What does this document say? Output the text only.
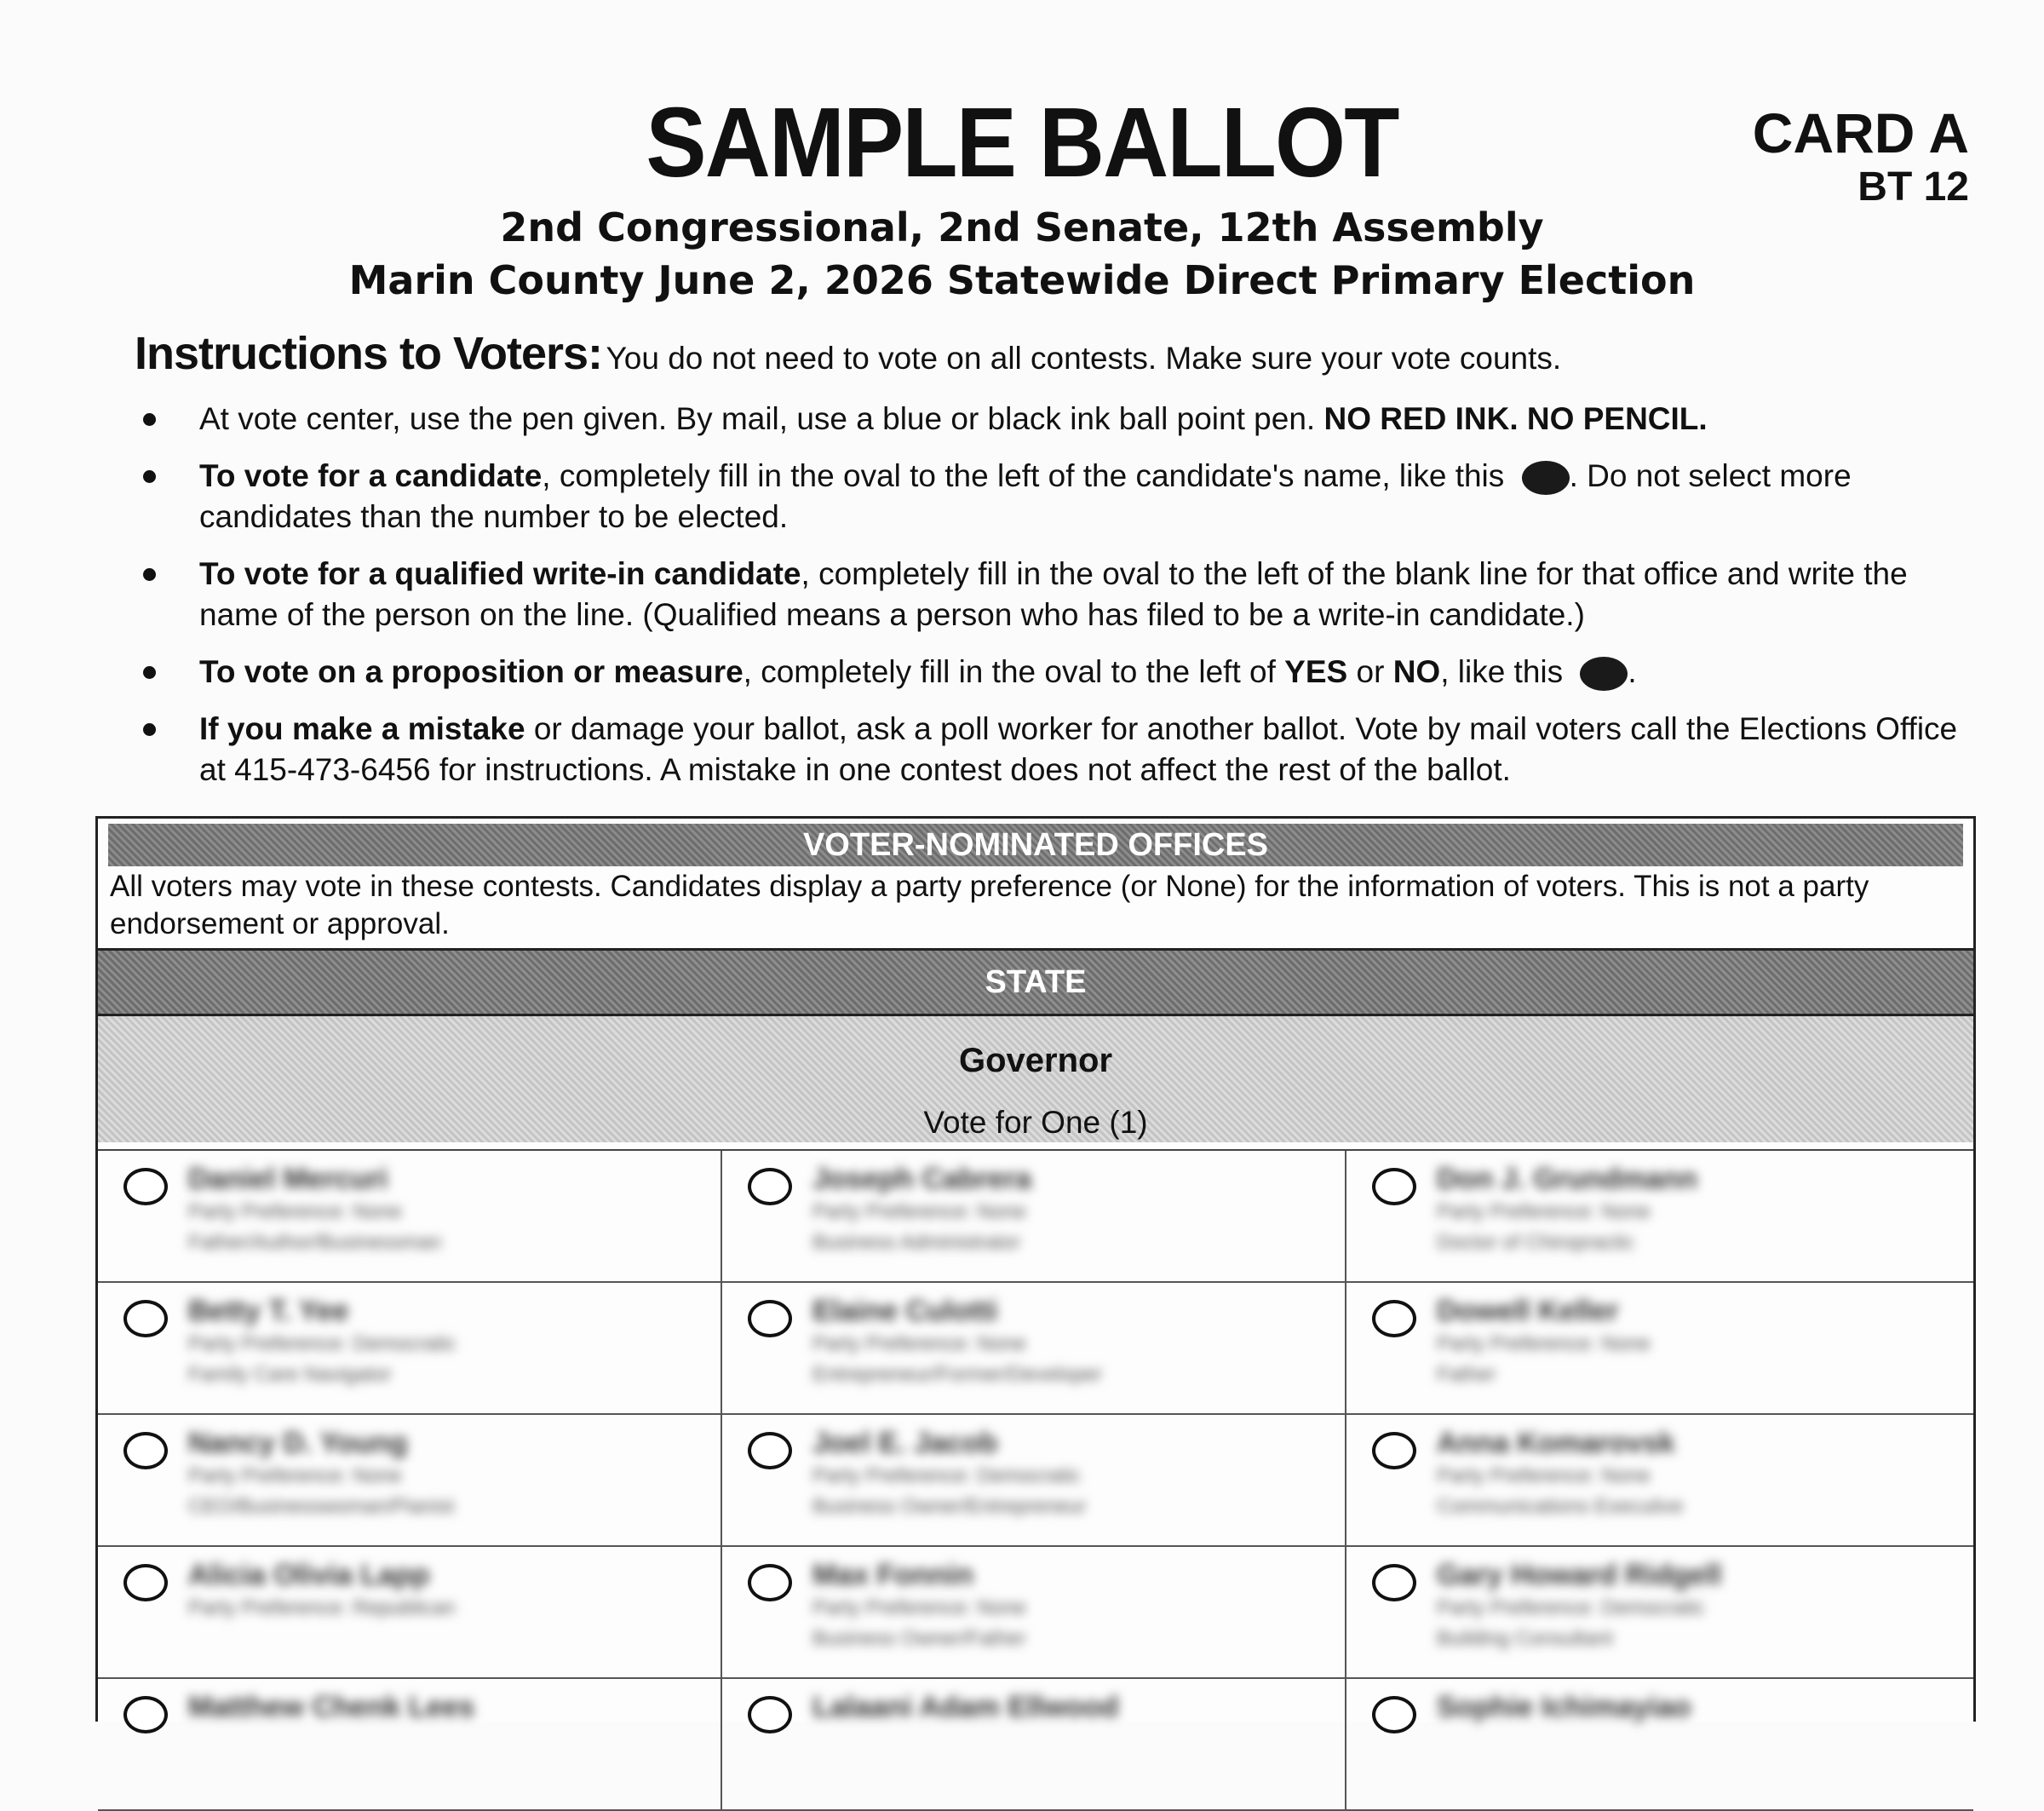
SAMPLE BALLOT	CARD A
BT 12
2nd Congressional, 2nd Senate, 12th Assembly
Marin County June 2, 2026 Statewide Direct Primary Election
Instructions to Voters: You do not need to vote on all contests. Make sure your vote counts.
At vote center, use the pen given. By mail, use a blue or black ink ball point pen. NO RED INK. NO PENCIL.
To vote for a candidate, completely fill in the oval to the left of the candidate's name, like this . Do not select more candidates than the number to be elected.
To vote for a qualified write-in candidate, completely fill in the oval to the left of the blank line for that office and write the name of the person on the line. (Qualified means a person who has filed to be a write-in candidate.)
To vote on a proposition or measure, completely fill in the oval to the left of YES or NO, like this .
If you make a mistake or damage your ballot, ask a poll worker for another ballot. Vote by mail voters call the Elections Office at 415-473-6456 for instructions. A mistake in one contest does not affect the rest of the ballot.
VOTER-NOMINATED OFFICES
All voters may vote in these contests. Candidates display a party preference (or None) for the information of voters. This is not a party endorsement or approval.
STATE
Governor
Vote for One (1)
Daniel Mercuri
Party Preference: None
Father/Author/Businessman
Joseph Cabrera
Party Preference: None
Business Administrator
Don J. Grundmann
Party Preference: None
Doctor of Chiropractic
Betty T. Yee
Party Preference: Democratic
Family Care Navigator
Elaine Culotti
Party Preference: None
Entrepreneur/Former/Developer
Dowell Keller
Party Preference: None
Father
Nancy D. Young
Party Preference: None
CEO/Businesswoman/Pianist
Joel E. Jacob
Party Preference: Democratic
Business Owner/Entrepreneur
Anna Komarovsk
Party Preference: None
Communications Executive
Alicia Olivia Lapp
Party Preference: Republican
Max Fonnin
Party Preference: None
Business Owner/Father
Gary Howard Ridgell
Party Preference: Democratic
Building Consultant
Matthew Chenk Lees	Lalaani Adam Ellwood	Sophie Ichimayiao
